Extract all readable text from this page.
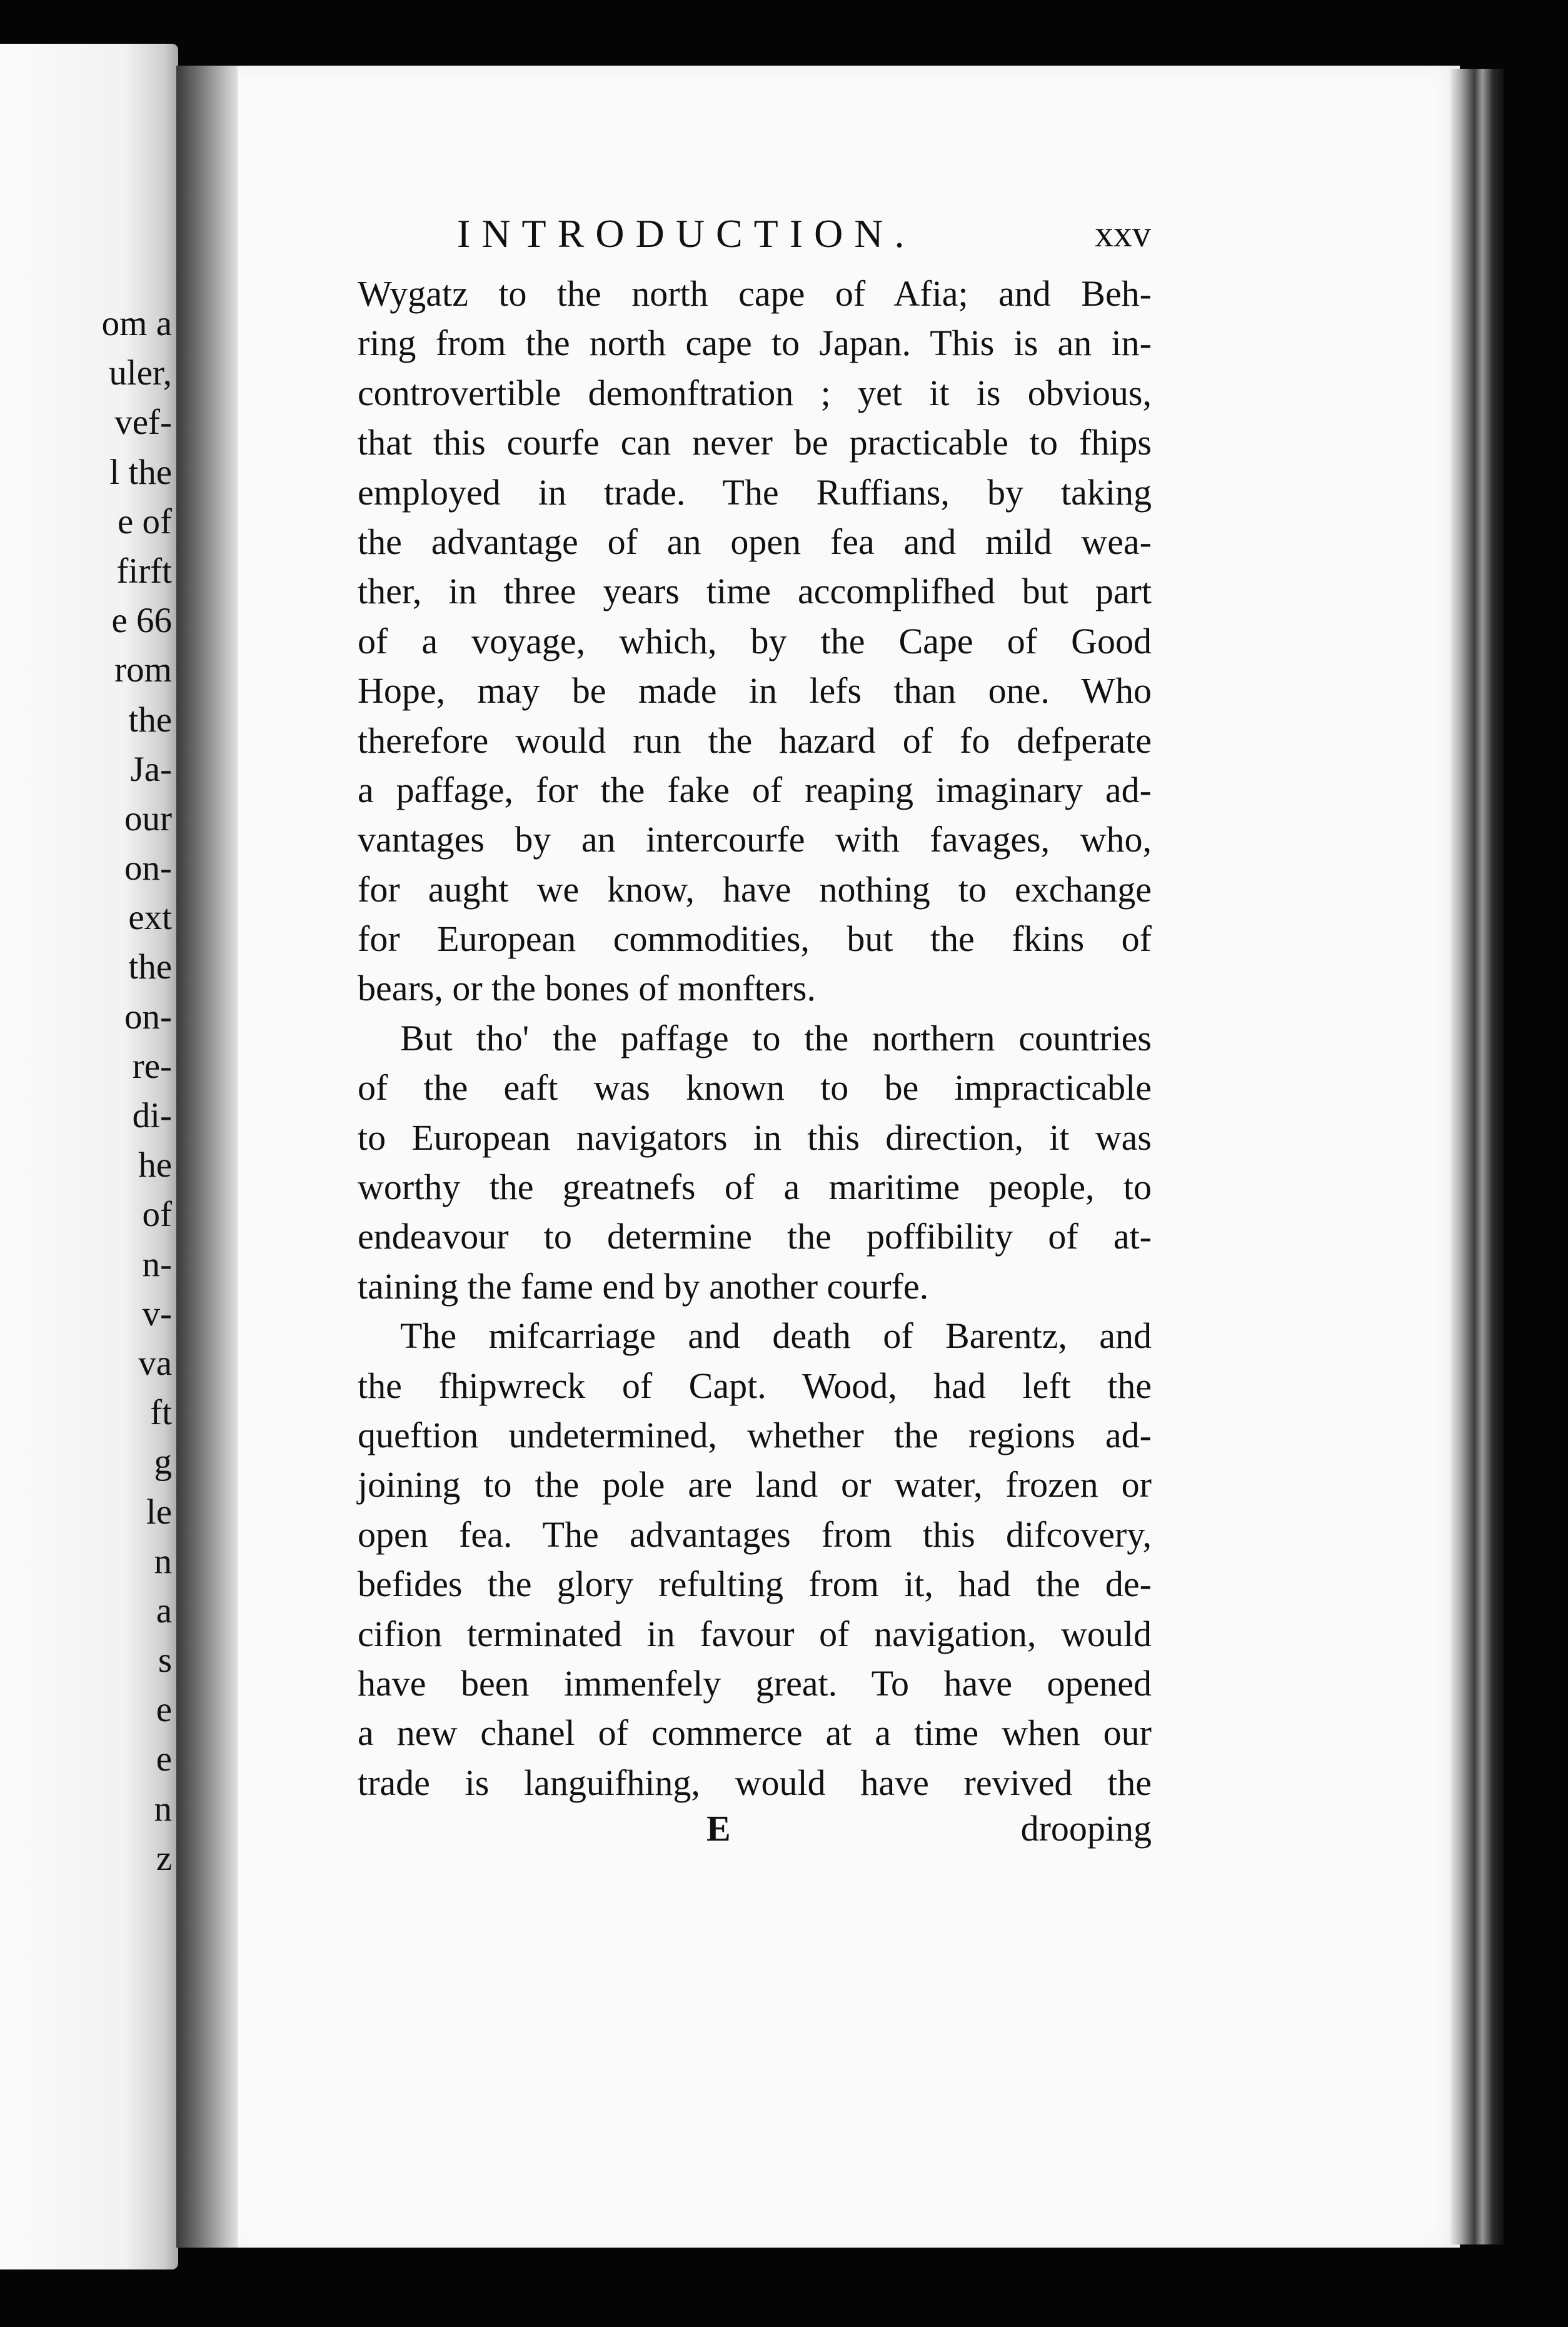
om a
uler,
vef-
l the
e of
firft
e 66
rom
the
Ja-
our
on-
ext
the
on-
re-
di-
he
of
n-
v-
va
ft
g
le
n
a
s
e
e
n
z
INTRODUCTION.	xxv
Wygatz to the north cape of Afia; and Beh-
ring from the north cape to Japan. This is an in-
controvertible demonftration ; yet it is obvious,
that this courfe can never be practicable to fhips
employed in trade. The Ruffians, by taking
the advantage of an open fea and mild wea-
ther, in three years time accomplifhed but part
of a voyage, which, by the Cape of Good
Hope, may be made in lefs than one. Who
therefore would run the hazard of fo defperate
a paffage, for the fake of reaping imaginary ad-
vantages by an intercourfe with favages, who,
for aught we know, have nothing to exchange
for European commodities, but the fkins of
bears, or the bones of monfters.
But tho' the paffage to the northern countries
of the eaft was known to be impracticable
to European navigators in this direction, it was
worthy the greatnefs of a maritime people, to
endeavour to determine the poffibility of at-
taining the fame end by another courfe.
The mifcarriage and death of Barentz, and
the fhipwreck of Capt. Wood, had left the
queftion undetermined, whether the regions ad-
joining to the pole are land or water, frozen or
open fea. The advantages from this difcovery,
befides the glory refulting from it, had the de-
cifion terminated in favour of navigation, would
have been immenfely great. To have opened
a new chanel of commerce at a time when our
trade is languifhing, would have revived the
E	drooping
